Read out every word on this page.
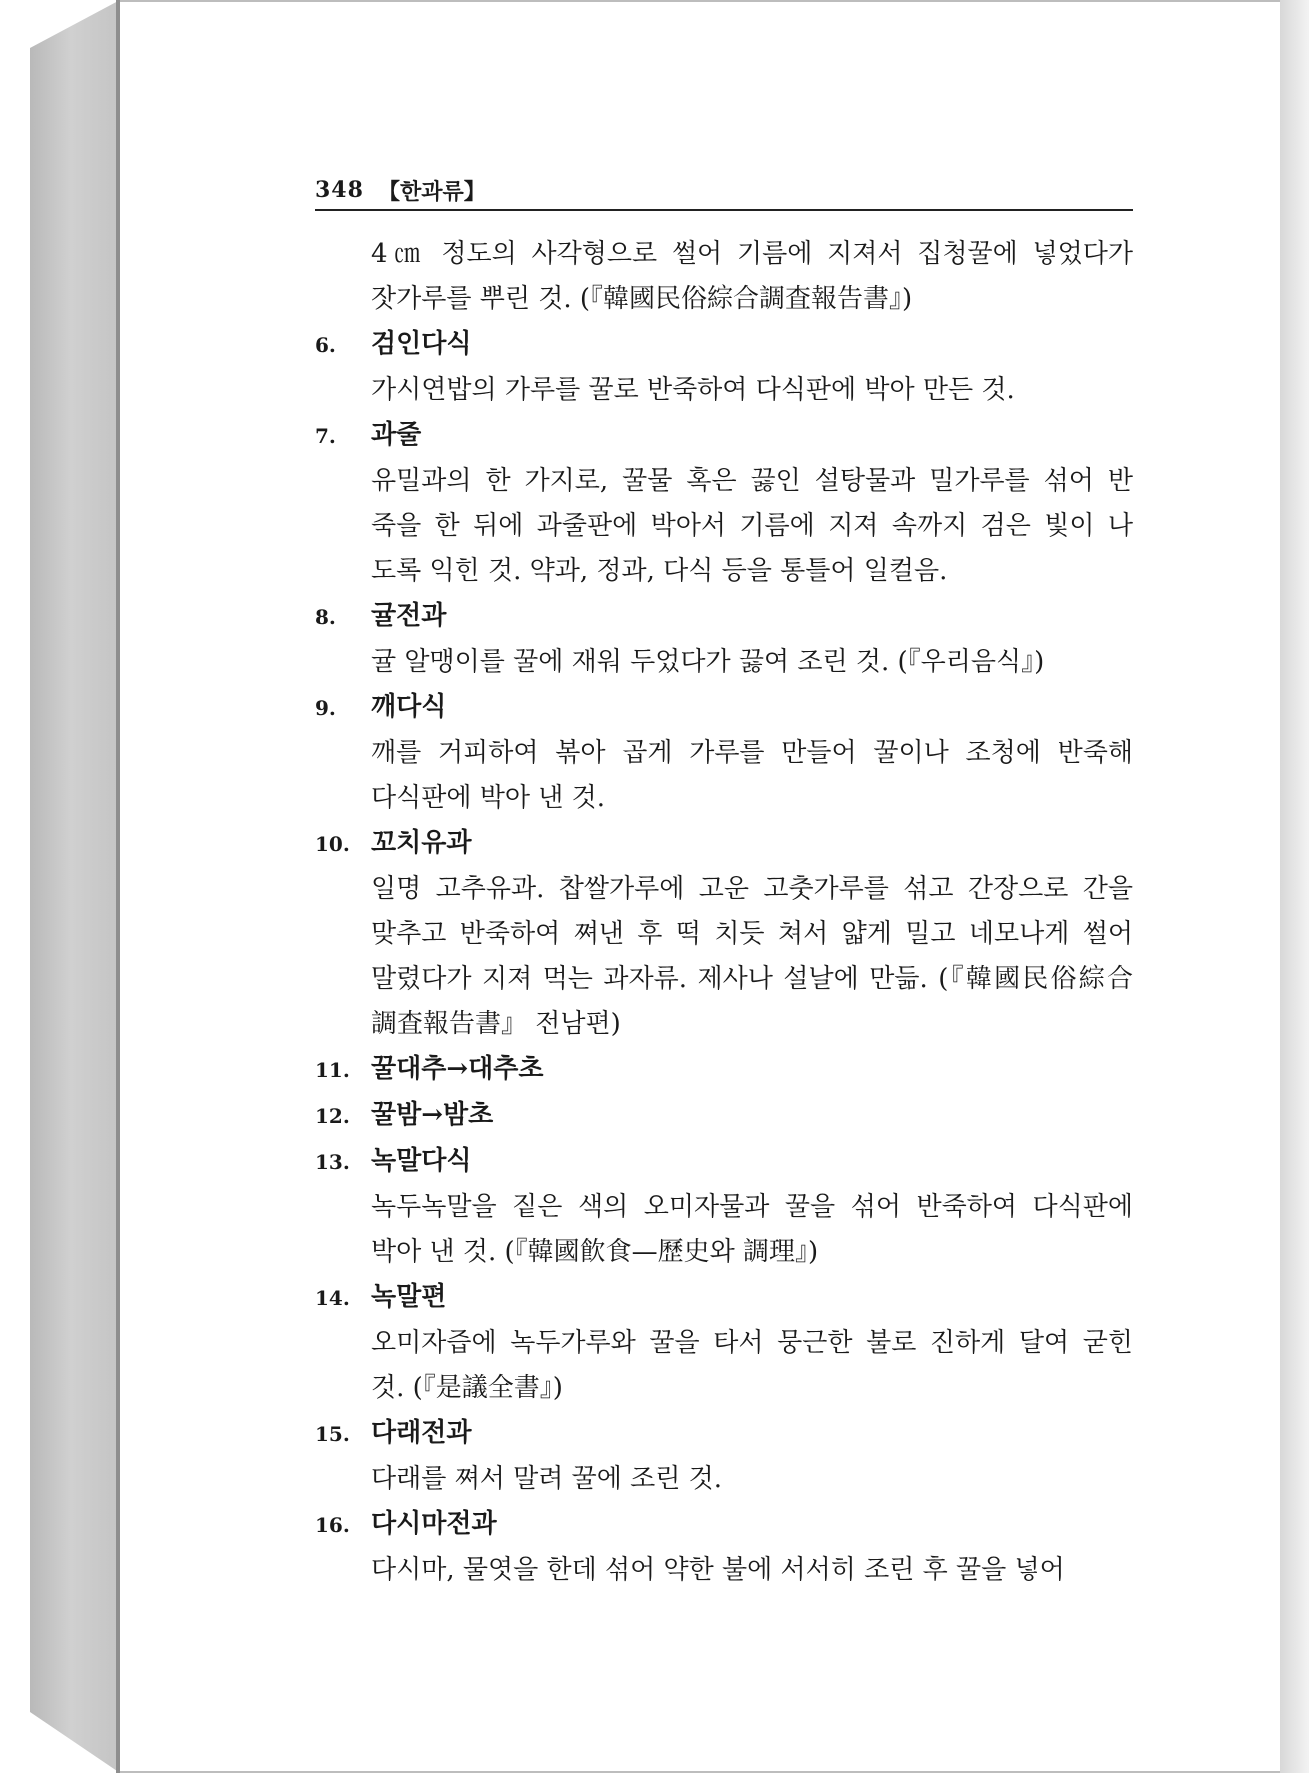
348 【한과류】
4㎝ 정도의 사각형으로 썰어 기름에 지져서 집청꿀에 넣었다가
잣가루를 뿌린 것. (『韓國民俗綜合調査報告書』)
6.	검인다식
가시연밥의 가루를 꿀로 반죽하여 다식판에 박아 만든 것.
7.	과줄
유밀과의 한 가지로, 꿀물 혹은 끓인 설탕물과 밀가루를 섞어 반
죽을 한 뒤에 과줄판에 박아서 기름에 지져 속까지 검은 빛이 나
도록 익힌 것. 약과, 정과, 다식 등을 통틀어 일컬음.
8.	귤전과
귤 알맹이를 꿀에 재워 두었다가 끓여 조린 것. (『우리음식』)
9.	깨다식
깨를 거피하여 볶아 곱게 가루를 만들어 꿀이나 조청에 반죽해
다식판에 박아 낸 것.
10. 꼬치유과
일명 고추유과. 찹쌀가루에 고운 고춧가루를 섞고 간장으로 간을
맞추고 반죽하여 쪄낸 후 떡 치듯 쳐서 얇게 밀고 네모나게 썰어
말렸다가 지져 먹는 과자류. 제사나 설날에 만듦. (『韓國民俗綜合
調査報告書』 전남편)
11. 꿀대추→대추초
12. 꿀밤→밤초
13. 녹말다식
녹두녹말을 짙은 색의 오미자물과 꿀을 섞어 반죽하여 다식판에
박아 낸 것. (『韓國飮食—歷史와 調理』)
14. 녹말편
오미자즙에 녹두가루와 꿀을 타서 뭉근한 불로 진하게 달여 굳힌
것. (『是議全書』)
15. 다래전과
다래를 쪄서 말려 꿀에 조린 것.
16. 다시마전과
다시마, 물엿을 한데 섞어 약한 불에 서서히 조린 후 꿀을 넣어
